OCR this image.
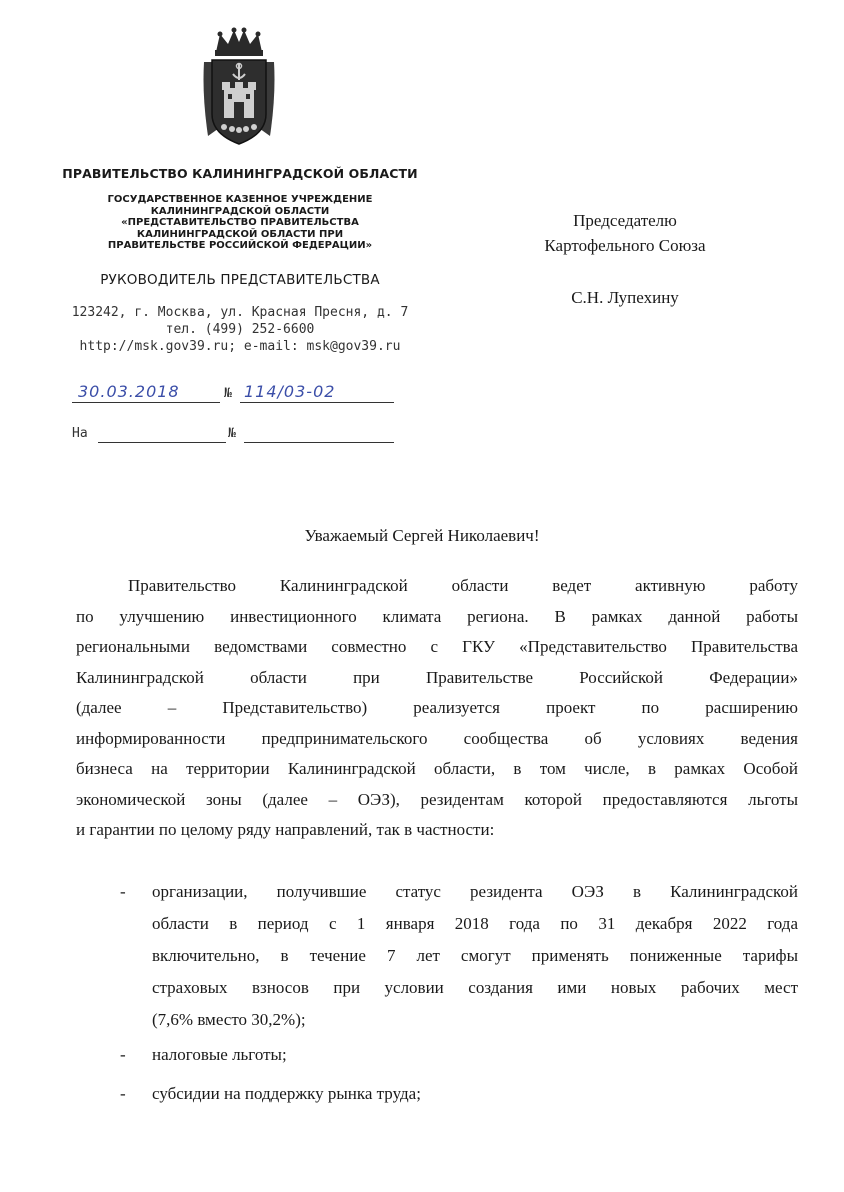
ПРАВИТЕЛЬСТВО КАЛИНИНГРАДСКОЙ ОБЛАСТИ
ГОСУДАРСТВЕННОЕ КАЗЕННОЕ УЧРЕЖДЕНИЕ
КАЛИНИНГРАДСКОЙ ОБЛАСТИ
«ПРЕДСТАВИТЕЛЬСТВО ПРАВИТЕЛЬСТВА
КАЛИНИНГРАДСКОЙ ОБЛАСТИ ПРИ
ПРАВИТЕЛЬСТВЕ РОССИЙСКОЙ ФЕДЕРАЦИИ»
РУКОВОДИТЕЛЬ ПРЕДСТАВИТЕЛЬСТВА
123242, г. Москва, ул. Красная Пресня, д. 7
тел. (499) 252-6600
http://msk.gov39.ru; e-mail: msk@gov39.ru
30.03.2018	№ 114/03-02
На	№
Председателю
Картофельного Союза
С.Н. Лупехину
Уважаемый Сергей Николаевич!
Правительство Калининградской области ведет активную работу
по улучшению инвестиционного климата региона. В рамках данной работы
региональными ведомствами совместно с ГКУ «Представительство Правительства
Калининградской области при Правительстве Российской Федерации»
(далее – Представительство) реализуется проект по расширению
информированности предпринимательского сообщества об условиях ведения
бизнеса на территории Калининградской области, в том числе, в рамках Особой
экономической зоны (далее – ОЭЗ), резидентам которой предоставляются льготы
и гарантии по целому ряду направлений, так в частности:
- организации, получившие статус резидента ОЭЗ в Калининградской
области в период с 1 января 2018 года по 31 декабря 2022 года
включительно, в течение 7 лет смогут применять пониженные тарифы
страховых взносов при условии создания ими новых рабочих мест
(7,6% вместо 30,2%);
- налоговые льготы;
- субсидии на поддержку рынка труда;
